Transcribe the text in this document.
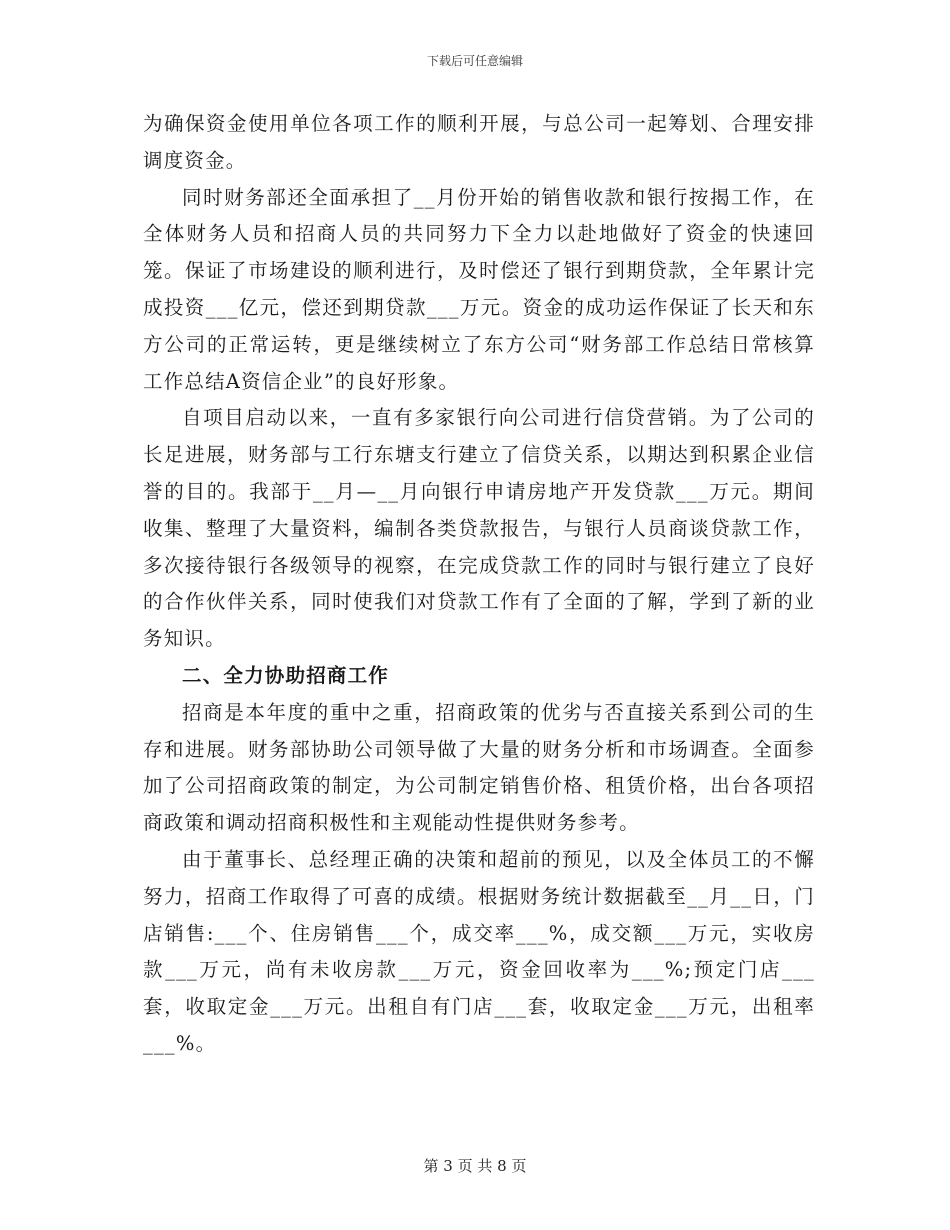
下载后可任意编辑

为确保资金使用单位各项工作的顺利开展，与总公司一起筹划、合理安排调度资金。

同时财务部还全面承担了__月份开始的销售收款和银行按揭工作，在全体财务人员和招商人员的共同努力下全力以赴地做好了资金的快速回笼。保证了市场建设的顺利进行，及时偿还了银行到期贷款，全年累计完成投资___亿元，偿还到期贷款___万元。资金的成功运作保证了长天和东方公司的正常运转，更是继续树立了东方公司“财务部工作总结日常核算工作总结A资信企业”的良好形象。

自项目启动以来，一直有多家银行向公司进行信贷营销。为了公司的长足进展，财务部与工行东塘支行建立了信贷关系，以期达到积累企业信誉的目的。我部于__月—__月向银行申请房地产开发贷款___万元。期间收集、整理了大量资料，编制各类贷款报告，与银行人员商谈贷款工作，多次接待银行各级领导的视察，在完成贷款工作的同时与银行建立了良好的合作伙伴关系，同时使我们对贷款工作有了全面的了解，学到了新的业务知识。

二、全力协助招商工作

招商是本年度的重中之重，招商政策的优劣与否直接关系到公司的生存和进展。财务部协助公司领导做了大量的财务分析和市场调查。全面参加了公司招商政策的制定，为公司制定销售价格、租赁价格，出台各项招商政策和调动招商积极性和主观能动性提供财务参考。

由于董事长、总经理正确的决策和超前的预见，以及全体员工的不懈努力，招商工作取得了可喜的成绩。根据财务统计数据截至__月__日，门店销售:___个、住房销售___个，成交率___%，成交额___万元，实收房款___万元，尚有未收房款___万元，资金回收率为___%;预定门店___套，收取定金___万元。出租自有门店___套，收取定金___万元，出租率___%。

第 3 页 共 8 页
